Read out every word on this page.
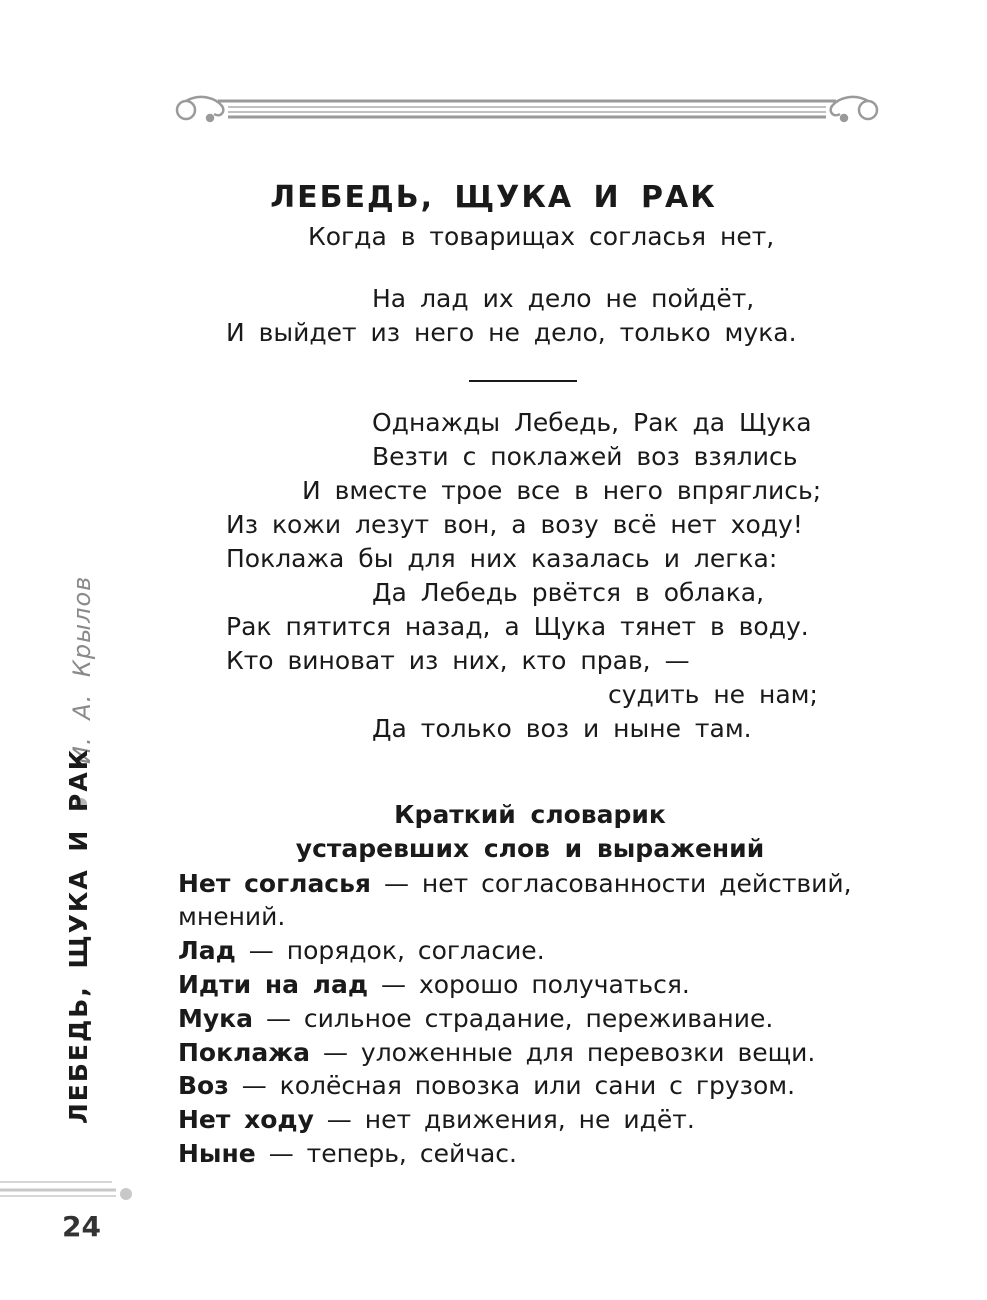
ЛЕБЕДЬ, ЩУКА И РАК
Когда в товарищах согласья нет,
На лад их дело не пойдёт,
И выйдет из него не дело, только мука.
Однажды Лебедь, Рак да Щука
Везти с поклажей воз взялись
И вместе трое все в него впряглись;
Из кожи лезут вон, а возу всё нет ходу!
Поклажа бы для них казалась и легка:
Да Лебедь рвётся в облака,
Рак пятится назад, а Щука тянет в воду.
Кто виноват из них, кто прав, —
судить не нам;
Да только воз и ныне там.
Краткий словарик
устаревших слов и выражений
Нет согласья — нет согласованности действий, мнений.
Лад — порядок, согласие.
Идти на лад — хорошо получаться.
Мука — сильное страдание, переживание.
Поклажа — уложенные для перевозки вещи.
Воз — колёсная повозка или сани с грузом.
Нет ходу — нет движения, не идёт.
Ныне — теперь, сейчас.
И. А. Крылов
ЛЕБЕДЬ, ЩУКА И РАК
24
